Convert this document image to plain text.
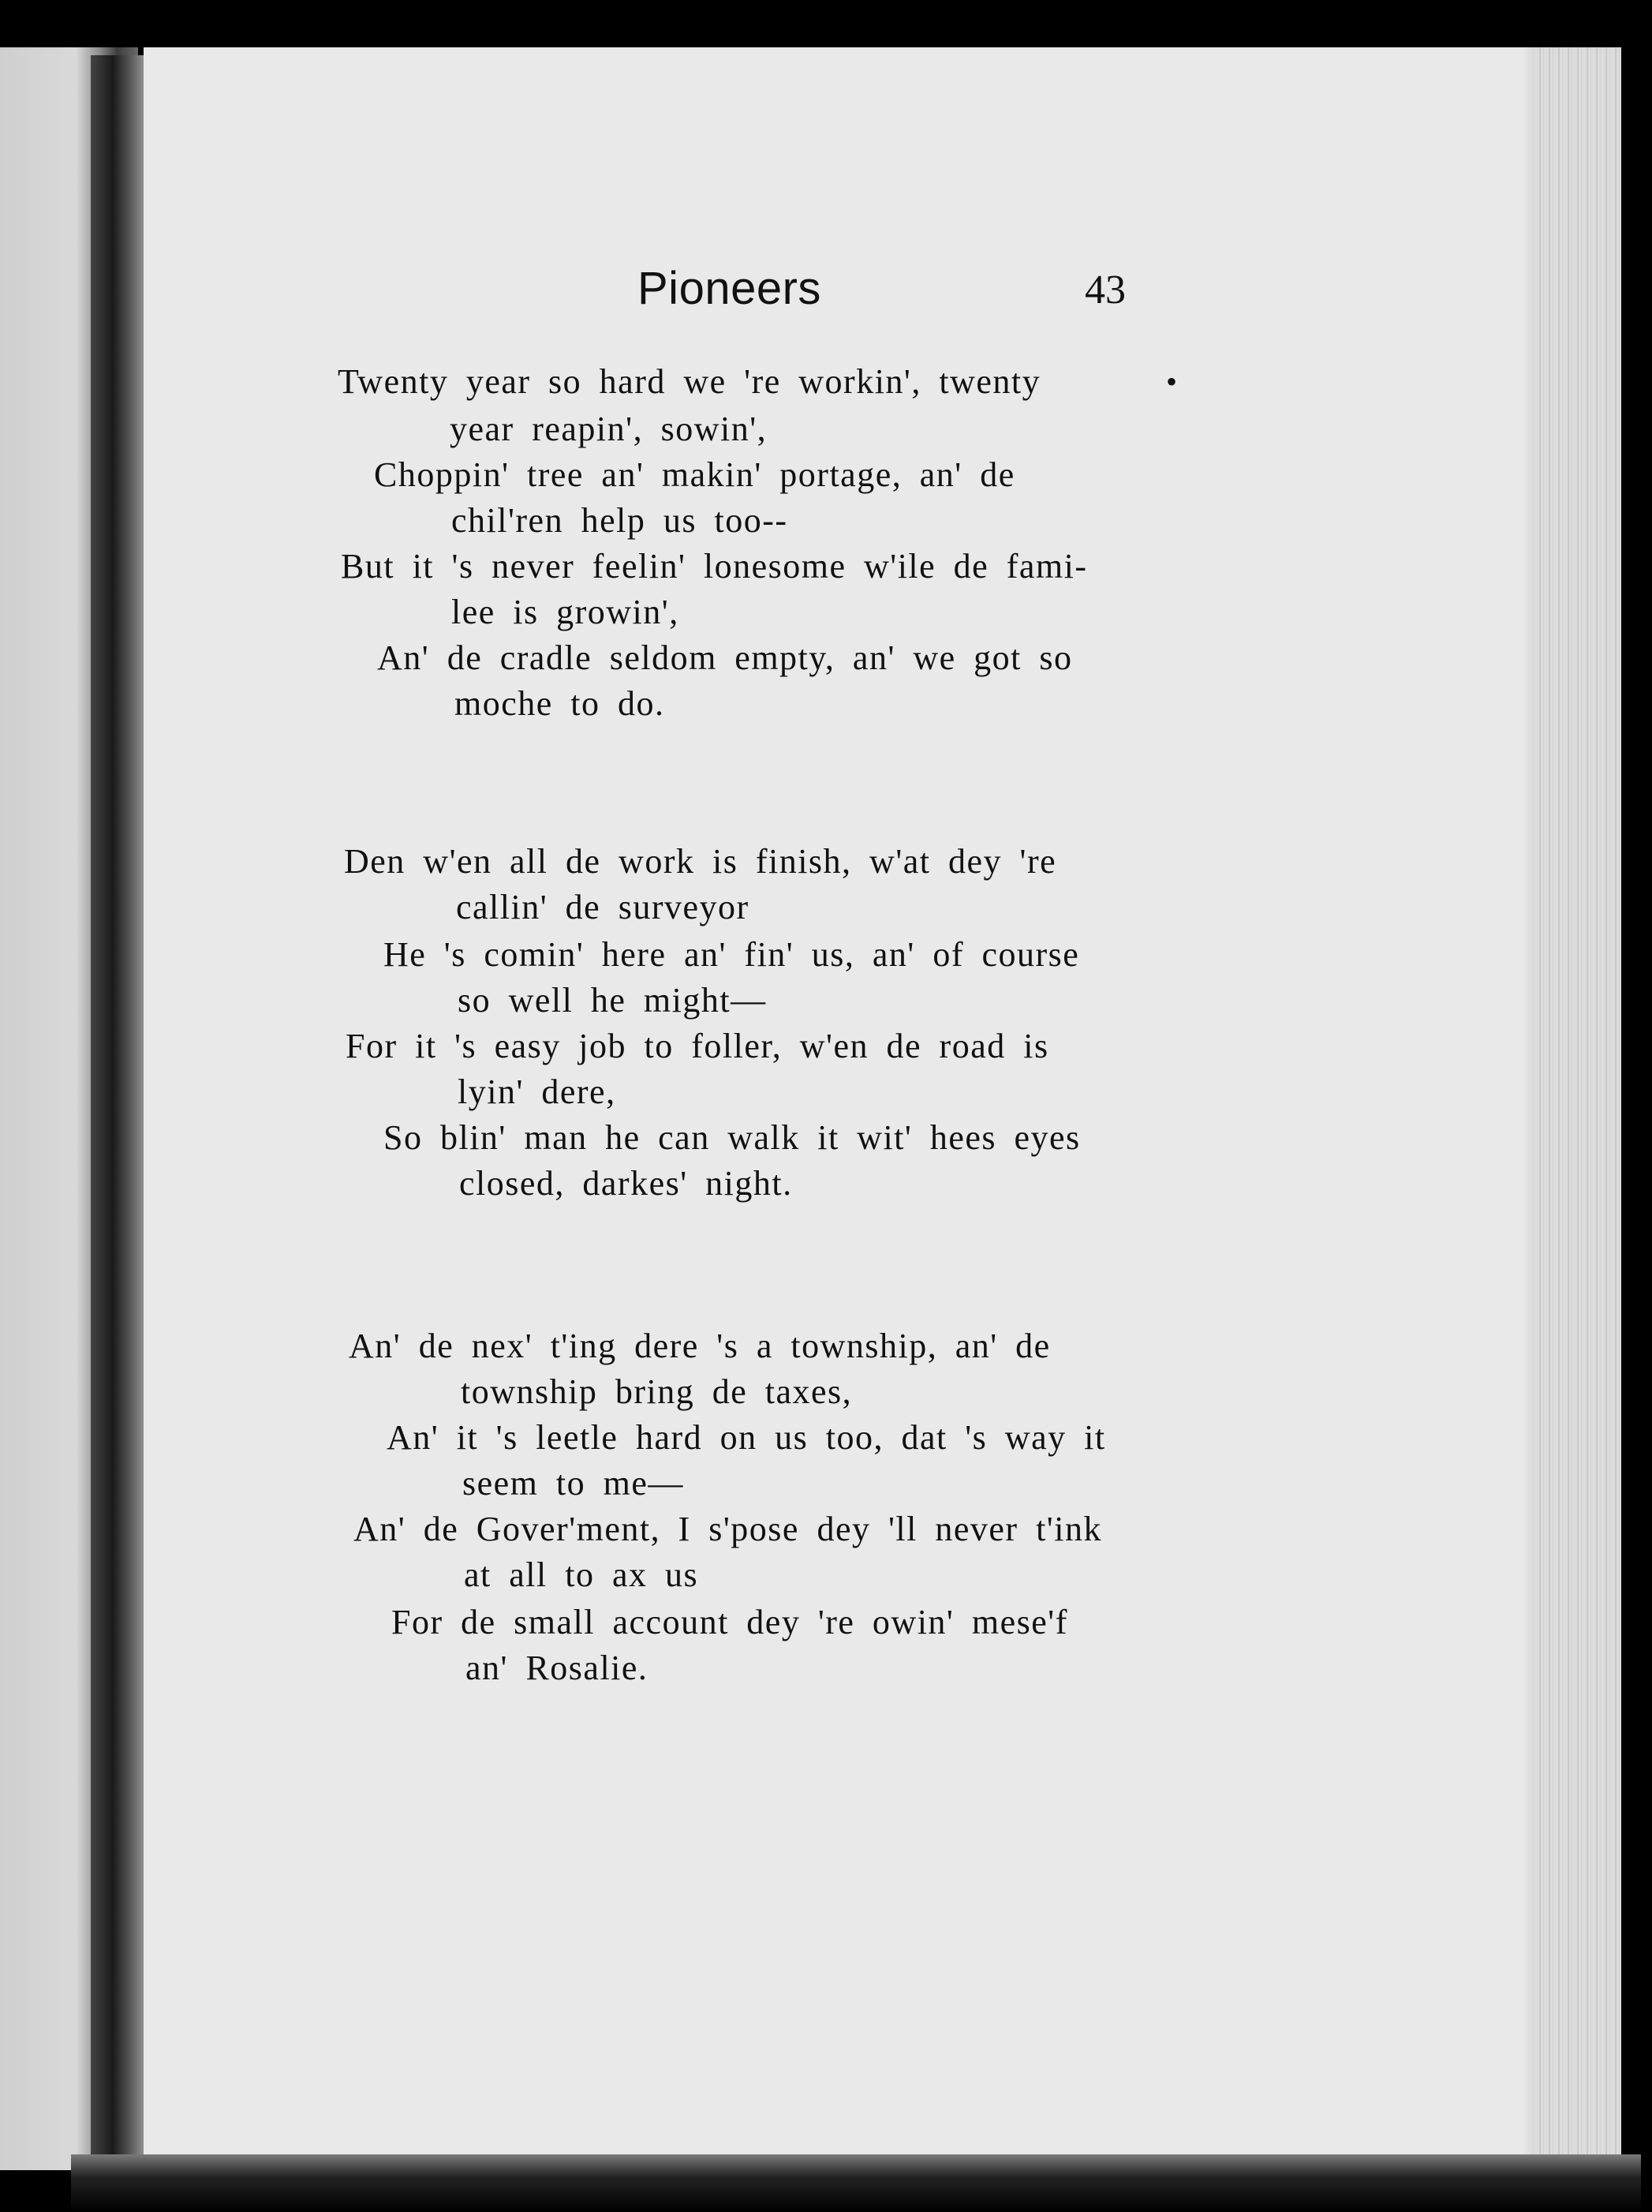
Pioneers	43
Twenty year so hard we 're workin', twenty
year reapin', sowin',
Choppin' tree an' makin' portage, an' de
chil'ren help us too--
But it 's never feelin' lonesome w'ile de fami-
lee is growin',
An' de cradle seldom empty, an' we got so
moche to do.
Den w'en all de work is finish, w'at dey 're
callin' de surveyor
He 's comin' here an' fin' us, an' of course
so well he might—
For it 's easy job to foller, w'en de road is
lyin' dere,
So blin' man he can walk it wit' hees eyes
closed, darkes' night.
An' de nex' t'ing dere 's a township, an' de
township bring de taxes,
An' it 's leetle hard on us too, dat 's way it
seem to me—
An' de Gover'ment, I s'pose dey 'll never t'ink
at all to ax us
For de small account dey 're owin' mese'f
an' Rosalie.
•
